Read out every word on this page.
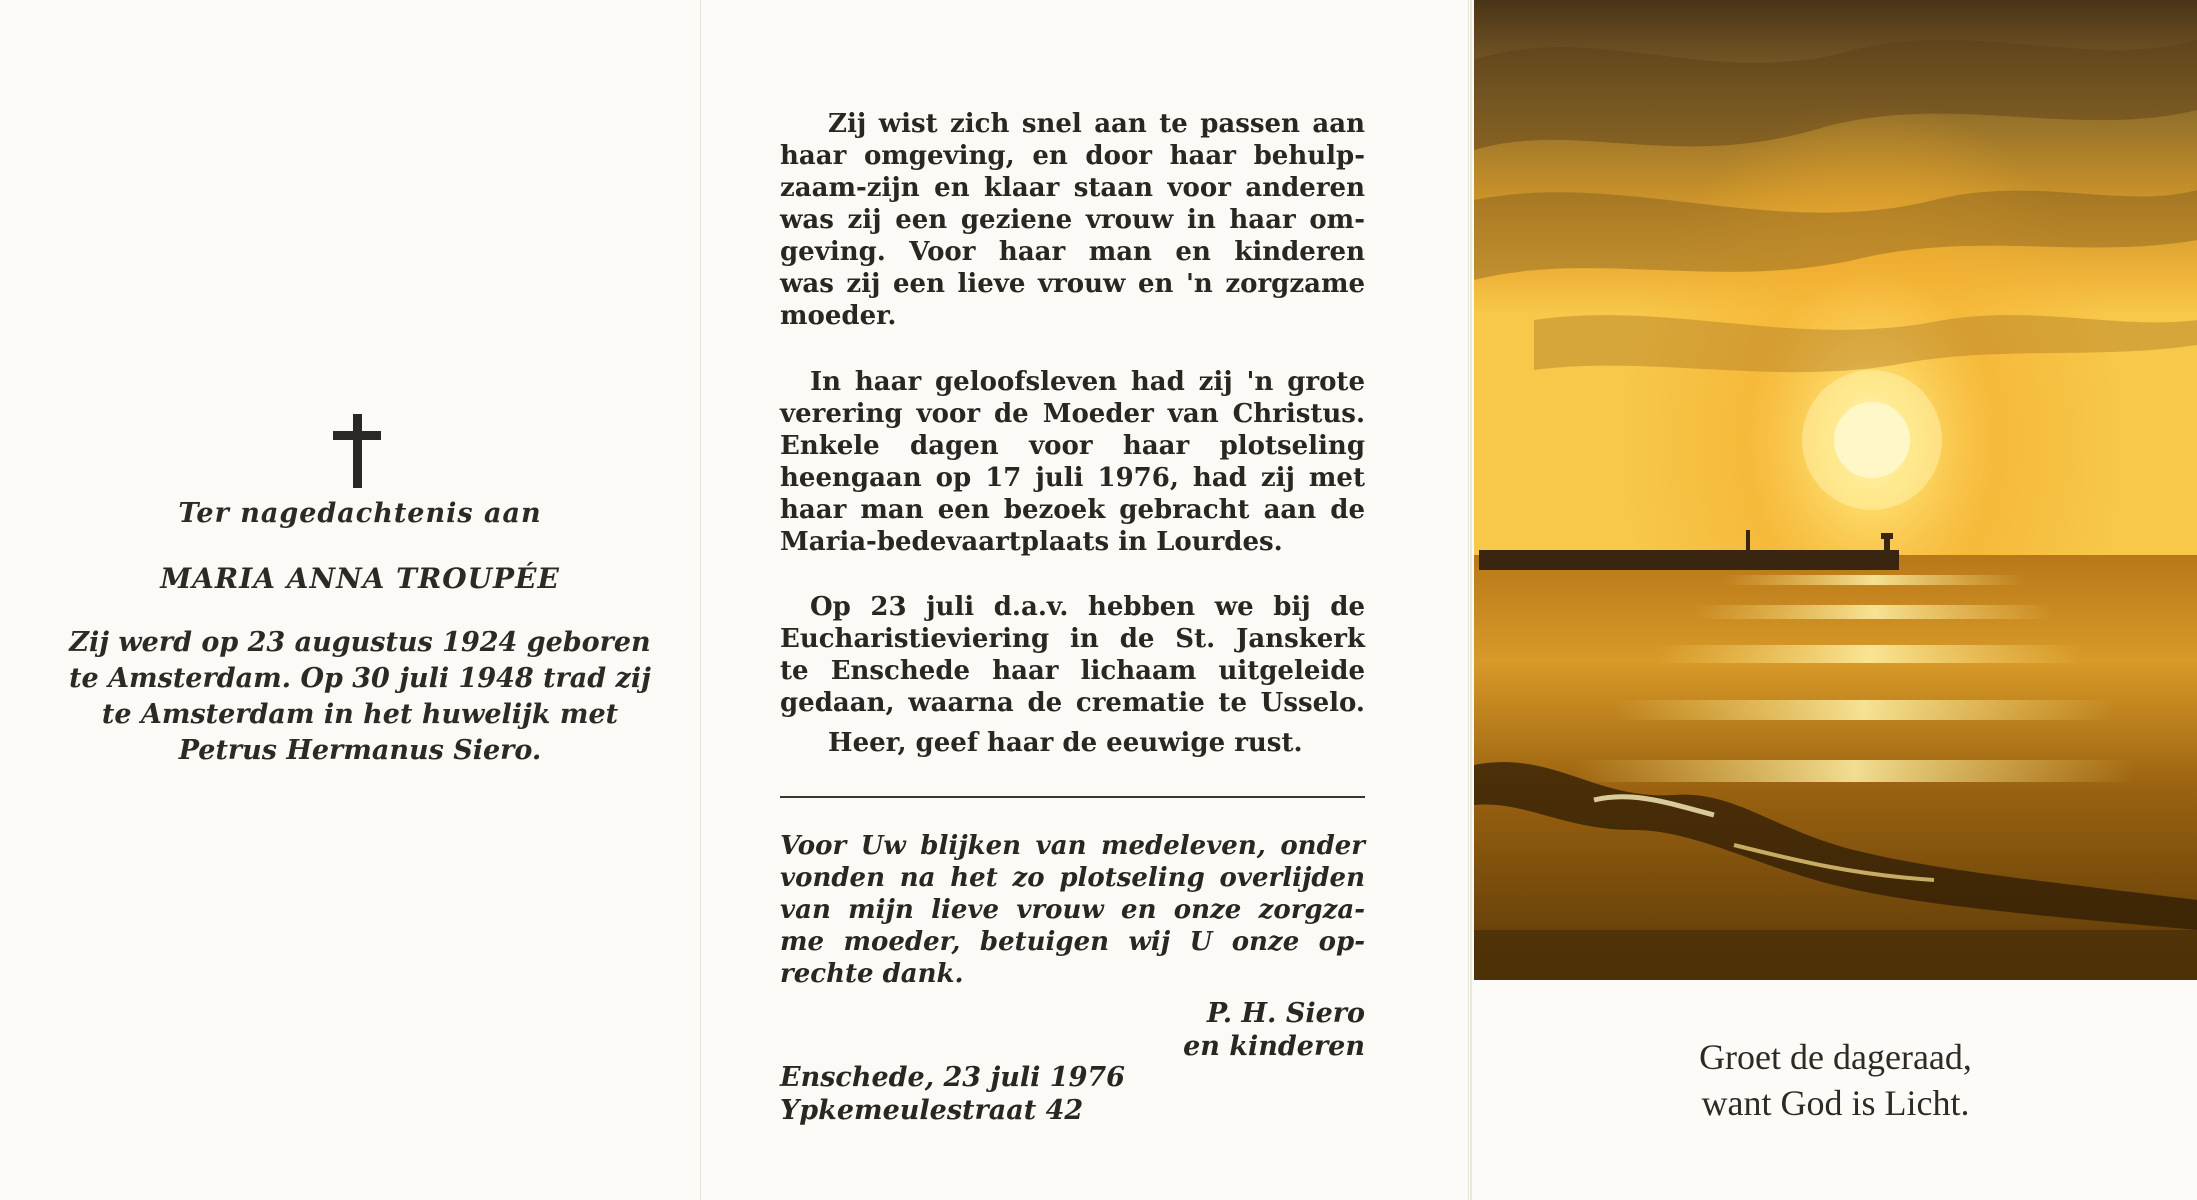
Ter nagedachtenis aan
MARIA ANNA TROUPÉE
Zij werd op 23 augustus 1924 geboren
te Amsterdam. Op 30 juli 1948 trad zij
te Amsterdam in het huwelijk met
Petrus Hermanus Siero.
Zij wist zich snel aan te passen aan
haar omgeving, en door haar behulp-
zaam-zijn en klaar staan voor anderen
was zij een geziene vrouw in haar om-
geving. Voor haar man en kinderen
was zij een lieve vrouw en 'n zorgzame
moeder.
In haar geloofsleven had zij 'n grote
verering voor de Moeder van Christus.
Enkele dagen voor haar plotseling
heengaan op 17 juli 1976, had zij met
haar man een bezoek gebracht aan de
Maria-bedevaartplaats in Lourdes.
Op 23 juli d.a.v. hebben we bij de
Eucharistieviering in de St. Janskerk
te Enschede haar lichaam uitgeleide
gedaan, waarna de crematie te Usselo.
Heer, geef haar de eeuwige rust.
Voor Uw blijken van medeleven, onder
vonden na het zo plotseling overlijden
van mijn lieve vrouw en onze zorgza-
me moeder, betuigen wij U onze op-
rechte dank.
P. H. Siero
en kinderen
Enschede, 23 juli 1976
Ypkemeulestraat 42
Groet de dageraad,
want God is Licht.
